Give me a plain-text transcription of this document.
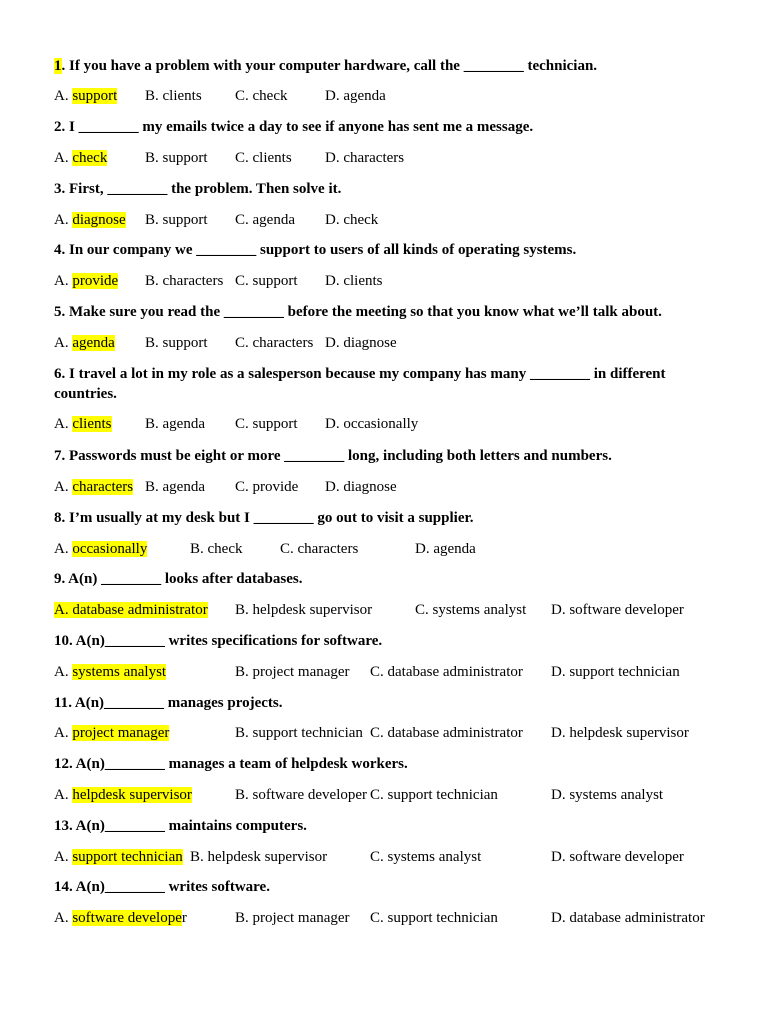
1. If you have a problem with your computer hardware, call the ________ technician.
A. support B. clients C. check	D. agenda
2. I ________ my emails twice a day to see if anyone has sent me a message.
A. check	B. support C. clients D. characters
3. First, ________ the problem. Then solve it.
A. diagnose B. support C. agenda D. check
4. In our company we ________ support to users of all kinds of operating systems.
A. provide B. characters C. support D. clients
5. Make sure you read the ________ before the meeting so that you know what we’ll talk about.
A. agenda B. support C. characters D. diagnose
6. I travel a lot in my role as a salesperson because my company has many ________ in different countries.
A. clients B. agenda C. support D. occasionally
7. Passwords must be eight or more ________ long, including both letters and numbers.
A. characters B. agenda C. provide D. diagnose
8. I’m usually at my desk but I ________ go out to visit a supplier.
A. occasionally	B. check	C. characters	D. agenda
9. A(n) ________ looks after databases.
A. database administrator B. helpdesk supervisor	C. systems analyst D. software developer
10. A(n)________ writes specifications for software.
A. systems analyst	B. project manager C. database administrator D. support technician
11. A(n)________ manages projects.
A. project manager	B. support technician C. database administrator D. helpdesk supervisor
12. A(n)________ manages a team of helpdesk workers.
A. helpdesk supervisor	B. software developer C. support technician	D. systems analyst
13. A(n)________ maintains computers.
A. support technician B. helpdesk supervisor	C. systems analyst	D. software developer
14. A(n)________ writes software.
A. software developer	B. project manager C. support technician	D. database administrator
